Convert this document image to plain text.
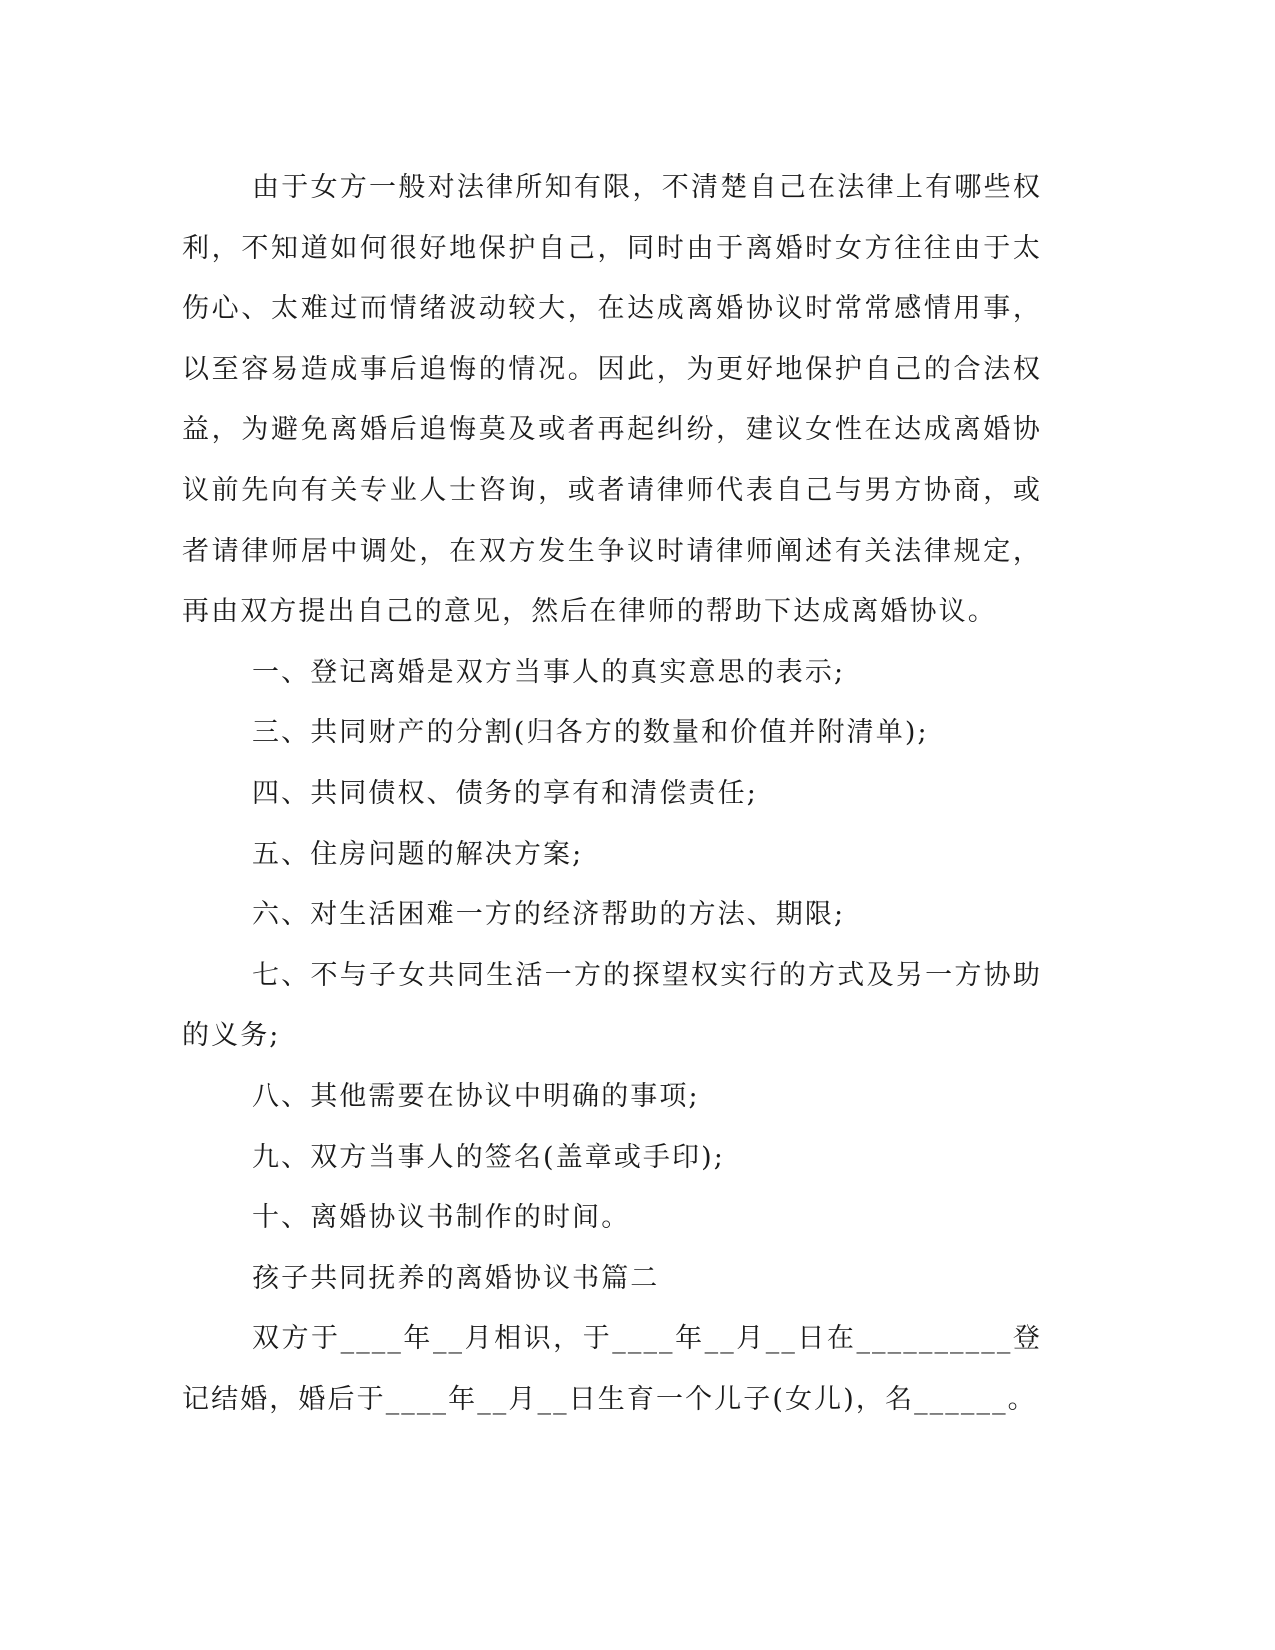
由于女方一般对法律所知有限，不清楚自己在法律上有哪些权利，不知道如何很好地保护自己，同时由于离婚时女方往往由于太伤心、太难过而情绪波动较大，在达成离婚协议时常常感情用事，以至容易造成事后追悔的情况。因此，为更好地保护自己的合法权益，为避免离婚后追悔莫及或者再起纠纷，建议女性在达成离婚协议前先向有关专业人士咨询，或者请律师代表自己与男方协商，或者请律师居中调处，在双方发生争议时请律师阐述有关法律规定，再由双方提出自己的意见，然后在律师的帮助下达成离婚协议。

一、登记离婚是双方当事人的真实意思的表示;

三、共同财产的分割(归各方的数量和价值并附清单);

四、共同债权、债务的享有和清偿责任;

五、住房问题的解决方案;

六、对生活困难一方的经济帮助的方法、期限;

七、不与子女共同生活一方的探望权实行的方式及另一方协助的义务;

八、其他需要在协议中明确的事项;

九、双方当事人的签名(盖章或手印);

十、离婚协议书制作的时间。

孩子共同抚养的离婚协议书篇二

双方于____年__月相识，于____年__月__日在__________登记结婚，婚后于____年__月__日生育一个儿子(女儿)，名______。
